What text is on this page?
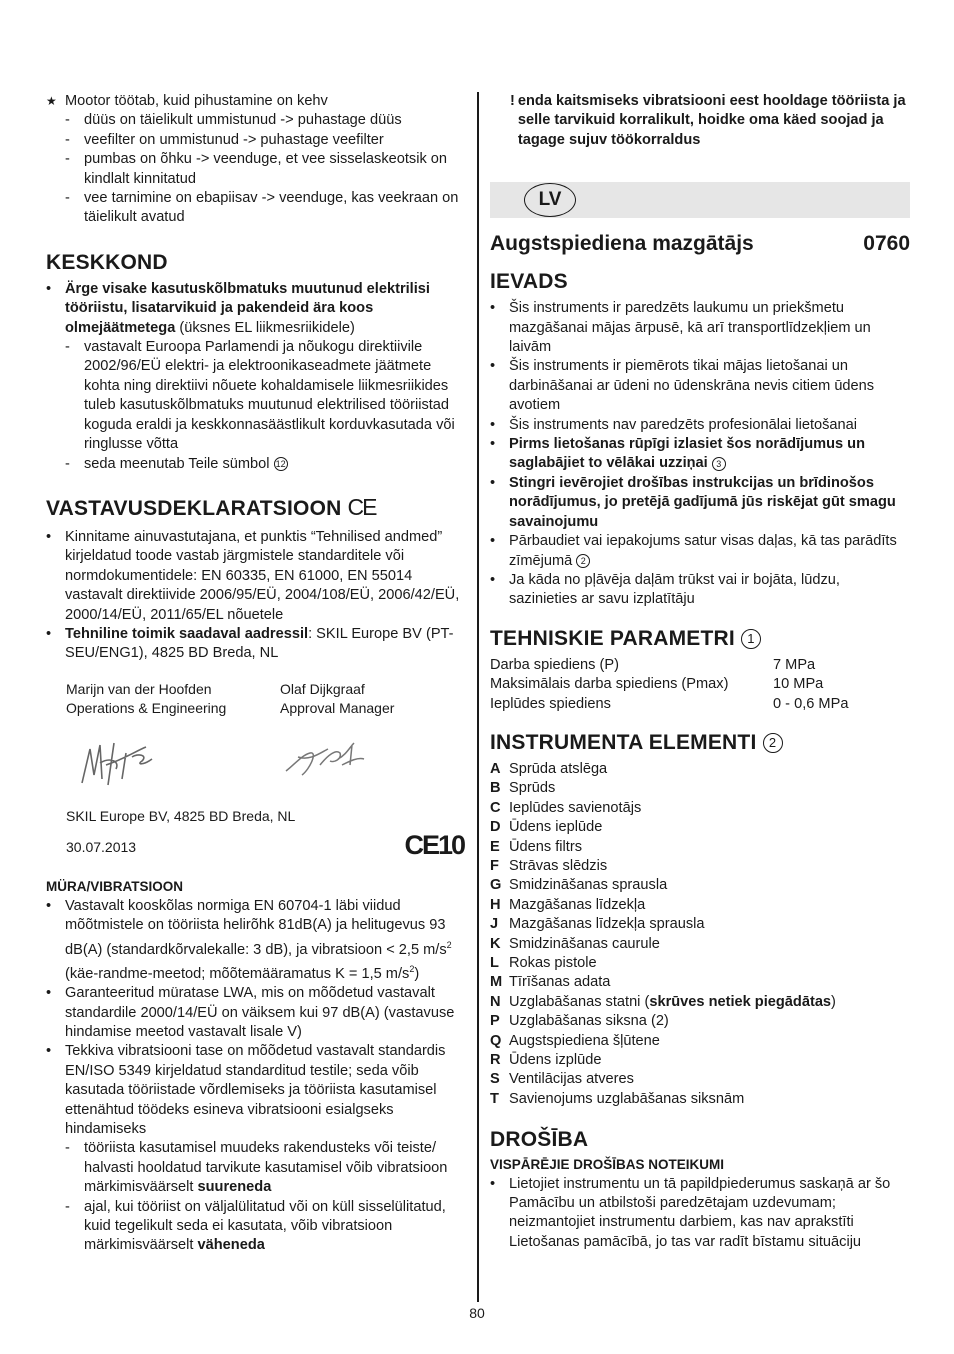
★ Mootor töötab, kuid pihustamine on kehv
- düüs on täielikult ummistunud -> puhastage düüs
- veefilter on ummistunud -> puhastage veefilter
- pumbas on õhku -> veenduge, et vee sisselaskeotsik on kindlalt kinnitatud
- vee tarnimine on ebapiisav -> veenduge, kas veekraan on täielikult avatud
KESKKOND
• Ärge visake kasutuskõlbmatuks muutunud elektrilisi tööriistu, lisatarvikuid ja pakendeid ära koos olmejäätmetega (üksnes EL liikmesriikidele)
- vastavalt Euroopa Parlamendi ja nõukogu direktiivile 2002/96/EÜ elektri- ja elektroonikaseadmete jäätmete kohta ning direktiivi nõuete kohaldamisele liikmesriikides tuleb kasutuskõlbmatuks muutunud elektrilised tööriistad koguda eraldi ja keskkonnasäästlikult korduvkasutada või ringlusse võtta
- seda meenutab Teile sümbol 12
VASTAVUSDEKLARATSIOON CE
• Kinnitame ainuvastutajana, et punktis “Tehnilised andmed” kirjeldatud toode vastab järgmistele standarditele või normdokumentidele: EN 60335, EN 61000, EN 55014 vastavalt direktiivide 2006/95/EÜ, 2004/108/EÜ, 2006/42/EÜ, 2000/14/EÜ, 2011/65/EL nõuetele
• Tehniline toimik saadaval aadressil: SKIL Europe BV (PT-SEU/ENG1), 4825 BD Breda, NL
Marijn van der Hoofden
Operations & Engineering
Olaf Dijkgraaf
Approval Manager
SKIL Europe BV, 4825 BD Breda, NL
30.07.2013	CE10
MÜRA/VIBRATSIOON
• Vastavalt kooskõlas normiga EN 60704-1 läbi viidud mõõtmistele on tööriista helirõhk 81dB(A) ja helitugevus 93 dB(A) (standardkõrvalekalle: 3 dB), ja vibratsioon < 2,5 $m/s^2$ (käe-randme-meetod; mõõtemääramatus K = 1,5 $m/s^2$)
• Garanteeritud müratase LWA, mis on mõõdetud vastavalt standardile 2000/14/EÜ on väiksem kui 97 dB(A) (vastavuse hindamise meetod vastavalt lisale V)
• Tekkiva vibratsiooni tase on mõõdetud vastavalt standardis EN/ISO 5349 kirjeldatud standarditud testile; seda võib kasutada tööriistade võrdlemiseks ja tööriista kasutamisel ettenähtud töödeks esineva vibratsiooni esialgseks hindamiseks
- tööriista kasutamisel muudeks rakendusteks või teiste/ halvasti hooldatud tarvikute kasutamisel võib vibratsioon märkimisväärselt suureneda
- ajal, kui tööriist on väljalülitatud või on küll sisselülitatud, kuid tegelikult seda ei kasutata, võib vibratsioon märkimisväärselt väheneda
! enda kaitsmiseks vibratsiooni eest hooldage tööriista ja selle tarvikuid korralikult, hoidke oma käed soojad ja tagage sujuv töökorraldus
LV
Augstspiediena mazgātājs	0760
IEVADS
• Šis instruments ir paredzēts laukumu un priekšmetu mazgāšanai mājas ārpusē, kā arī transportlīdzekļiem un laivām
• Šis instruments ir piemērots tikai mājas lietošanai un darbināšanai ar ūdeni no ūdenskrāna nevis citiem ūdens avotiem
• Šis instruments nav paredzēts profesionālai lietošanai
• Pirms lietošanas rūpīgi izlasiet šos norādījumus un saglabājiet to vēlākai uzziņai 3
• Stingri ievērojiet drošības instrukcijas un brīdinošos norādījumus, jo pretējā gadījumā jūs riskējat gūt smagu savainojumu
• Pārbaudiet vai iepakojums satur visas daļas, kā tas parādīts zīmējumā 2
• Ja kāda no pļāvēja daļām trūkst vai ir bojāta, lūdzu, sazinieties ar savu izplatītāju
TEHNISKIE PARAMETRI 1
Darba spiediens (P)	7 MPa
Maksimālais darba spiediens (Pmax)	10 MPa
Ieplūdes spiediens	0 - 0,6 MPa
INSTRUMENTA ELEMENTI 2
A Sprūda atslēga
B Sprūds
C Ieplūdes savienotājs
D Ūdens ieplūde
E Ūdens filtrs
F Strāvas slēdzis
G Smidzināšanas sprausla
H Mazgāšanas līdzekļa
J Mazgāšanas līdzekļa sprausla
K Smidzināšanas caurule
L Rokas pistole
M Tīrīšanas adata
N Uzglabāšanas statni (skrūves netiek piegādātas)
P Uzglabāšanas siksna (2)
Q Augstspiediena šļūtene
R Ūdens izplūde
S Ventilācijas atveres
T Savienojums uzglabāšanas siksnām
DROŠĪBA
VISPĀRĒJIE DROŠĪBAS NOTEIKUMI
• Lietojiet instrumentu un tā papildpiederumus saskaņā ar šo Pamācību un atbilstoši paredzētajam uzdevumam; neizmantojiet instrumentu darbiem, kas nav aprakstīti Lietošanas pamācībā, jo tas var radīt bīstamu situāciju
80
